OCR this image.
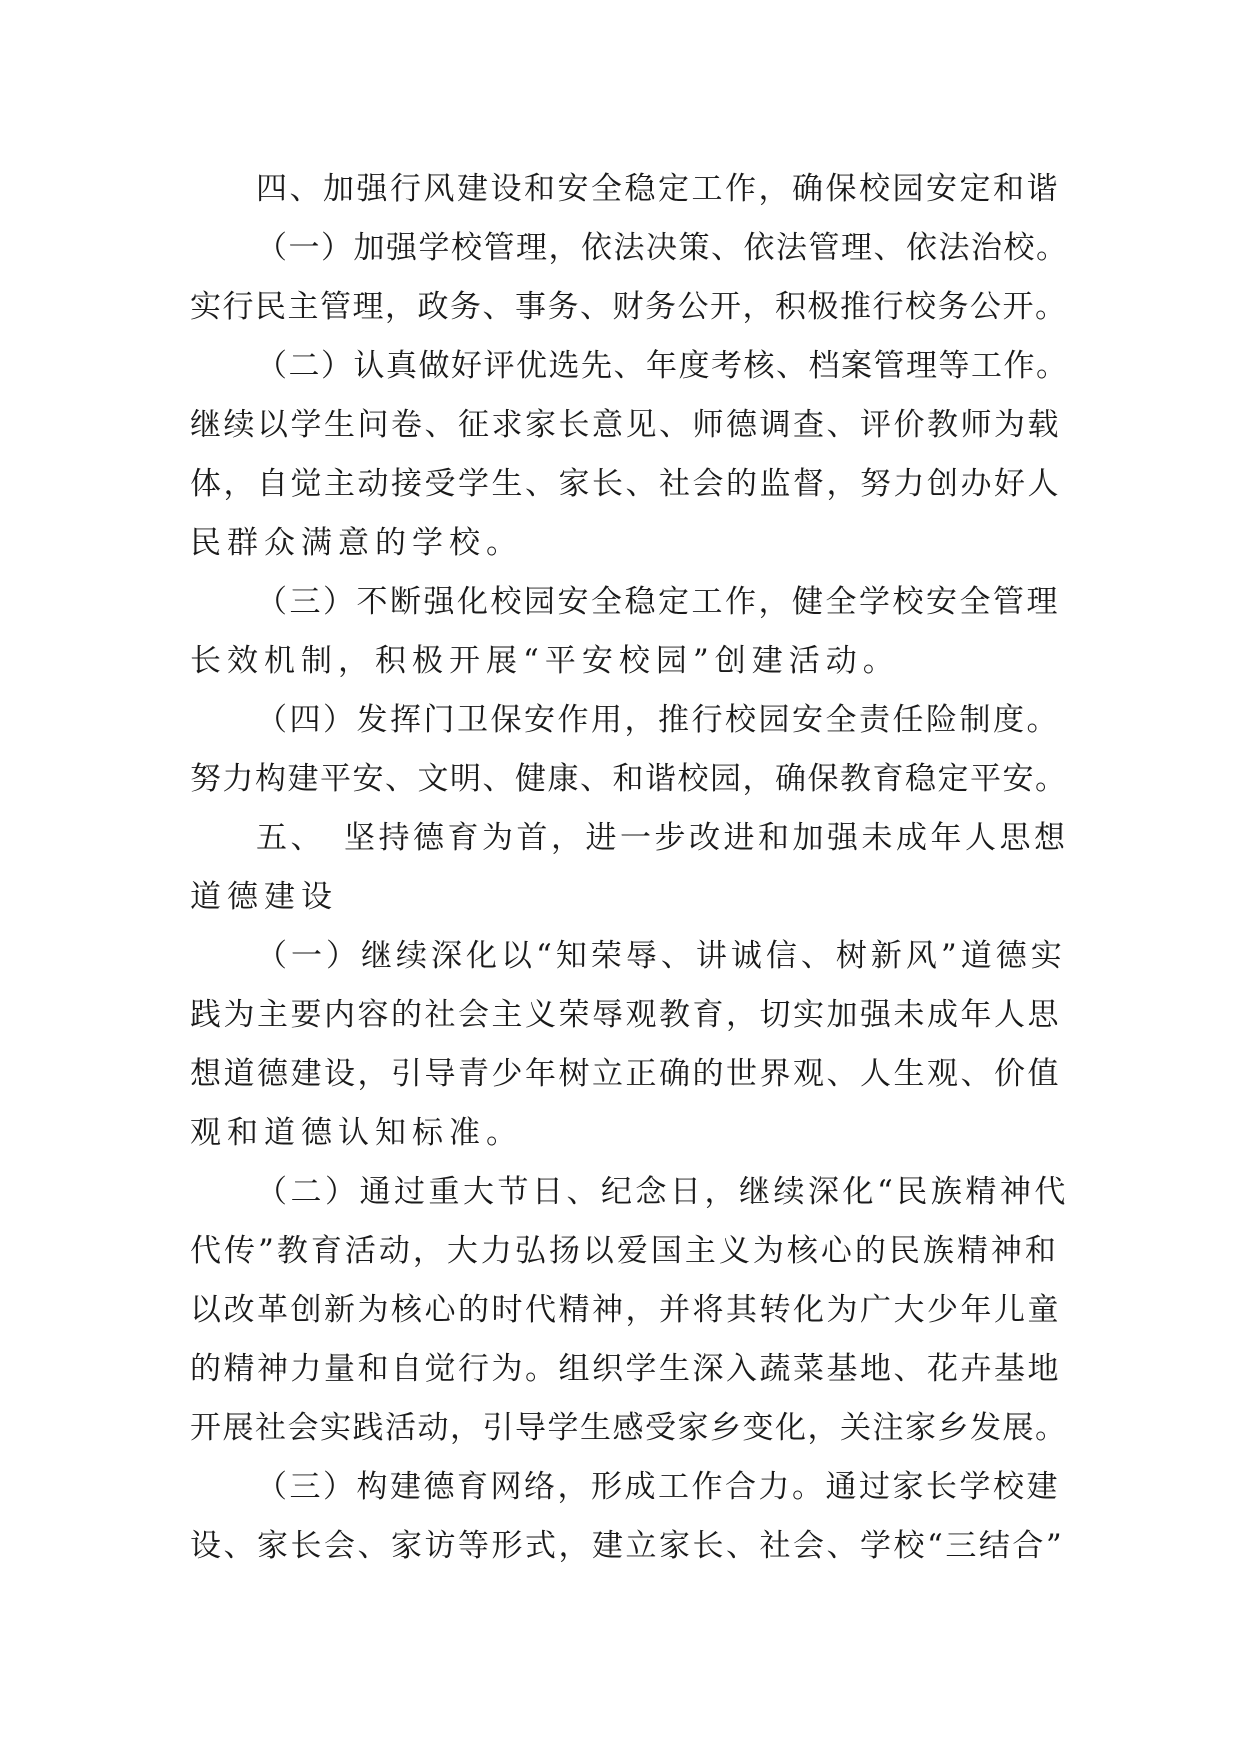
四、加强行风建设和安全稳定工作，确保校园安定和谐
（一）加强学校管理，依法决策、依法管理、依法治校。
实行民主管理，政务、事务、财务公开，积极推行校务公开。
（二）认真做好评优选先、年度考核、档案管理等工作。
继续以学生问卷、征求家长意见、师德调查、评价教师为载
体，自觉主动接受学生、家长、社会的监督，努力创办好人
民群众满意的学校。
（三）不断强化校园安全稳定工作，健全学校安全管理
长效机制，积极开展“平安校园”创建活动。
（四）发挥门卫保安作用，推行校园安全责任险制度。
努力构建平安、文明、健康、和谐校园，确保教育稳定平安。
五、　坚持德育为首，进一步改进和加强未成年人思想
道德建设
（一）继续深化以“知荣辱、讲诚信、树新风”道德实
践为主要内容的社会主义荣辱观教育，切实加强未成年人思
想道德建设，引导青少年树立正确的世界观、人生观、价值
观和道德认知标准。
（二）通过重大节日、纪念日，继续深化“民族精神代
代传”教育活动，大力弘扬以爱国主义为核心的民族精神和
以改革创新为核心的时代精神，并将其转化为广大少年儿童
的精神力量和自觉行为。组织学生深入蔬菜基地、花卉基地
开展社会实践活动，引导学生感受家乡变化，关注家乡发展。
（三）构建德育网络，形成工作合力。通过家长学校建
设、家长会、家访等形式，建立家长、社会、学校“三结合”
